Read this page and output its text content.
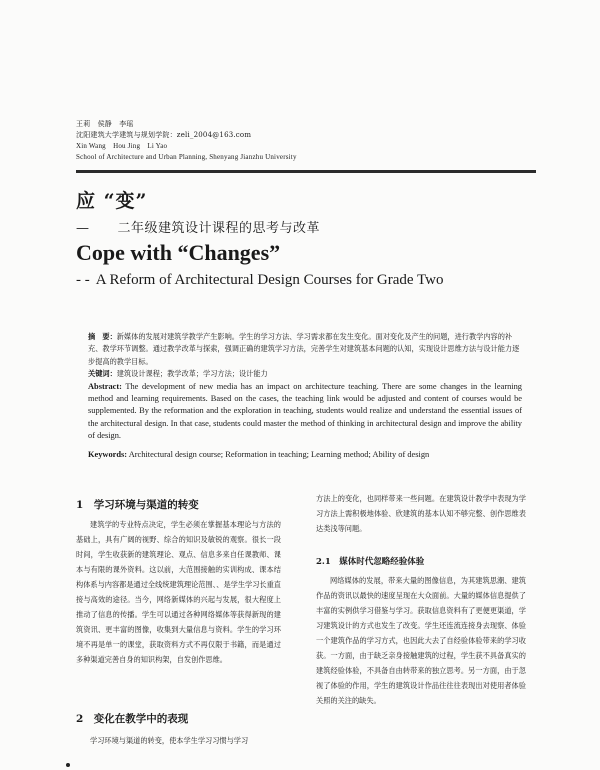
王莉　侯静　李瑶
沈阳建筑大学建筑与规划学院：zeli_2004@163.com
Xin Wang　Hou Jing　Li Yao
School of Architecture and Urban Planning, Shenyang Jianzhu University
应 “变”
— 二年级建筑设计课程的思考与改革
Cope with “Changes”
- - A Reform of Architectural Design Courses for Grade Two
摘　要：新媒体的发展对建筑学教学产生影响。学生的学习方法、学习需求都在发生变化。面对变化及产生的问题，进行教学内容的补充、教学环节调整。通过教学改革与探索，强调正确的建筑学习方法，完善学生对建筑基本问题的认知，实现设计思维方法与设计能力逐步提高的教学目标。
关键词：建筑设计课程；教学改革；学习方法；设计能力
Abstract: The development of new media has an impact on architecture teaching. There are some changes in the learning method and learning requirements. Based on the cases, the teaching link would be adjusted and content of courses would be supplemented. By the reformation and the exploration in teaching, students would realize and understand the essential issues of the architectural design. In that case, students could master the method of thinking in architectural design and improve the ability of design.
Keywords: Architectural design course; Reformation in teaching; Learning method; Ability of design
1　学习环境与渠道的转变
建筑学的专业特点决定，学生必须在掌握基本理论与方法的基础上，具有广阔的视野、综合的知识及敏锐的观察。很长一段时间，学生收获新的建筑理论、观点、信息多来自任课教师、课本与有限的课外资料。这以前，大范围接触的实训构成、课本结构体系与内容都是通过全线统建筑理论范围、、是学生学习长重直接与高效的途径。当今，网络新媒体的兴起与发展，很大程度上推动了信息的传播。学生可以通过各种网络媒体等获得新现的建筑资讯、更丰富的图像，收集到大量信息与资料。学生的学习环境不再是单一的课堂，获取资料方式不再仅限于书籍，而是通过多种渠道完善自身的知识构架，自发创作思维。
2　变化在教学中的表现
学习环境与渠道的转变，使本学生学习习惯与学习
方法上的变化，也同样带来一些问题。在建筑设计教学中表现为学习方法上需积极地体验、欣建筑的基本认知不够完整、创作思维表达类浅等问题。
2.1　媒体时代忽略经验体验
网络媒体的发展，带来大量的图像信息，为其建筑思潮、建筑作品的资讯以最快的速度呈现在大众面前。大量的媒体信息提供了丰富的实例供学习借鉴与学习。获取信息资料有了更便更渠道，学习建筑设计的方式也发生了改变。学生还连流连接身去现察、体验一个建筑作品的学习方式，也因此大去了自经验体验带来的学习收获。一方面，由于缺乏亲身接触建筑的过程，学生获不具备真实的建筑经验体验，不具备自由转带来的独立思考。另一方面，由于忽视了体验的作用，学生的建筑设计作品往往往表现出对使用者体验关照的关注的缺失。
